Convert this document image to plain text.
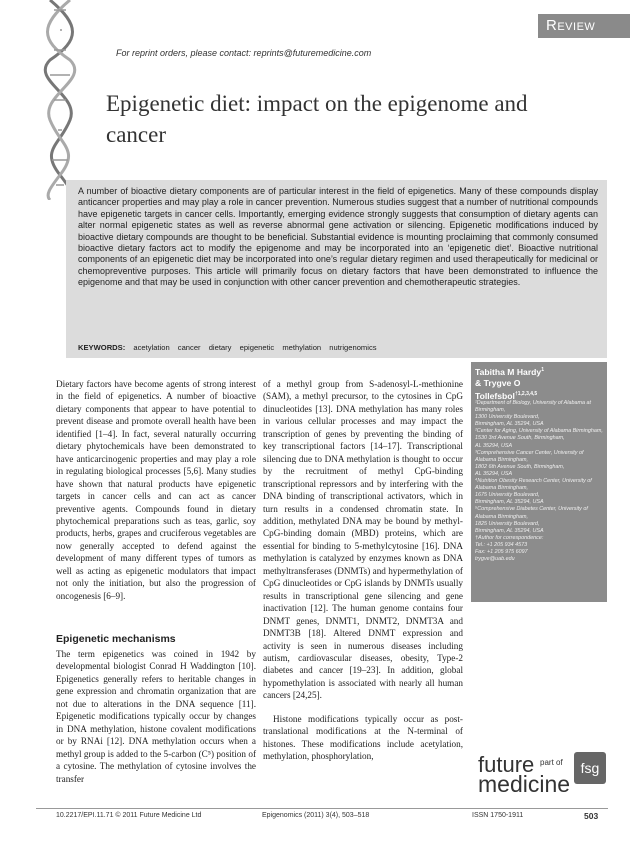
Review
For reprint orders, please contact: reprints@futuremedicine.com
Epigenetic diet: impact on the epigenome and cancer
A number of bioactive dietary components are of particular interest in the field of epigenetics. Many of these compounds display anticancer properties and may play a role in cancer prevention. Numerous studies suggest that a number of nutritional compounds have epigenetic targets in cancer cells. Importantly, emerging evidence strongly suggests that consumption of dietary agents can alter normal epigenetic states as well as reverse abnormal gene activation or silencing. Epigenetic modifications induced by bioactive dietary compounds are thought to be beneficial. Substantial evidence is mounting proclaiming that commonly consumed bioactive dietary factors act to modify the epigenome and may be incorporated into an ‘epigenetic diet’. Bioactive nutritional components of an epigenetic diet may be incorporated into one’s regular dietary regimen and used therapeutically for medicinal or chemopreventive purposes. This article will primarily focus on dietary factors that have been demonstrated to influence the epigenome and that may be used in conjunction with other cancer prevention and chemotherapeutic strategies.
KEYWORDS: acetylation cancer dietary epigenetic methylation nutrigenomics
Tabitha M Hardy$^1$
& Trygve O
Tollefsbol$^{\dagger 1,2,3,4,5}$
¹Department of Biology, University of Alabama at Birmingham,
1300 University Boulevard,
Birmingham, AL 35294, USA
²Center for Aging, University of Alabama Birmingham, 1530 3rd Avenue South, Birmingham,
AL 35294, USA
³Comprehensive Cancer Center, University of Alabama Birmingham,
1802 6th Avenue South, Birmingham,
AL 35294, USA
⁴Nutrition Obesity Research Center, University of Alabama Birmingham,
1675 University Boulevard,
Birmingham, AL 35294, USA
⁵Comprehensive Diabetes Center, University of Alabama Birmingham,
1825 University Boulevard,
Birmingham, AL 35294, USA
†Author for correspondence:
Tel.: +1 205 934 4573
Fax: +1 205 975 6097
trygve@uab.edu
Dietary factors have become agents of strong interest in the field of epigenetics. A number of bioactive dietary components that appear to have potential to prevent disease and promote overall health have been identified [1–4]. In fact, several naturally occurring dietary phytochemicals have been demonstrated to have anticarcinogenic properties and may play a role in regulating biological processes [5,6]. Many studies have shown that natural products have epigenetic targets in cancer cells and can act as cancer preventive agents. Compounds found in dietary phytochemical preparations such as teas, garlic, soy products, herbs, grapes and cruciferous vegetables are now generally accepted to defend against the development of many different types of tumors as well as acting as epigenetic modulators that impact not only the initiation, but also the progression of oncogenesis [6–9].
Epigenetic mechanisms
The term epigenetics was coined in 1942 by developmental biologist Conrad H Waddington [10]. Epigenetics generally refers to heritable changes in gene expression and chromatin organization that are not due to alterations in the DNA sequence [11]. Epigenetic modifications typically occur by changes in DNA methylation, histone covalent modifications or by RNAi [12]. DNA methylation occurs when a methyl group is added to the 5-carbon (C⁵) position of a cytosine. The methylation of cytosine involves the transfer
of a methyl group from S-adenosyl-L-methionine (SAM), a methyl precursor, to the cytosines in CpG dinucleotides [13]. DNA methylation has many roles in various cellular processes and may impact the transcription of genes by preventing the binding of key transcriptional factors [14–17]. Transcriptional silencing due to DNA methylation is thought to occur by the recruitment of methyl CpG-binding transcriptional repressors and by interfering with the DNA binding of transcriptional activators, which in turn results in a condensed chromatin state. In addition, methylated DNA may be bound by methyl-CpG-binding domain (MBD) proteins, which are essential for binding to 5-methylcytosine [16]. DNA methylation is catalyzed by enzymes known as DNA methyltransferases (DNMTs) and hypermethylation of CpG dinucleotides or CpG islands by DNMTs usually results in transcriptional gene silencing and gene inactivation [12]. The human genome contains four DNMT genes, DNMT1, DNMT2, DNMT3A and DNMT3B [18]. Altered DNMT expression and activity is seen in numerous diseases including autism, cardiovascular diseases, obesity, Type-2 diabetes and cancer [19–23]. In addition, global hypomethylation is associated with nearly all human cancers [24,25].
Histone modifications typically occur as post-translational modifications at the N-terminal of histones. These modifications include acetylation, methylation, phosphorylation,	future
medicine
part of	fsg
10.2217/EPI.11.71 © 2011 Future Medicine Ltd	Epigenomics (2011) 3(4), 503–518	ISSN 1750-1911	503
